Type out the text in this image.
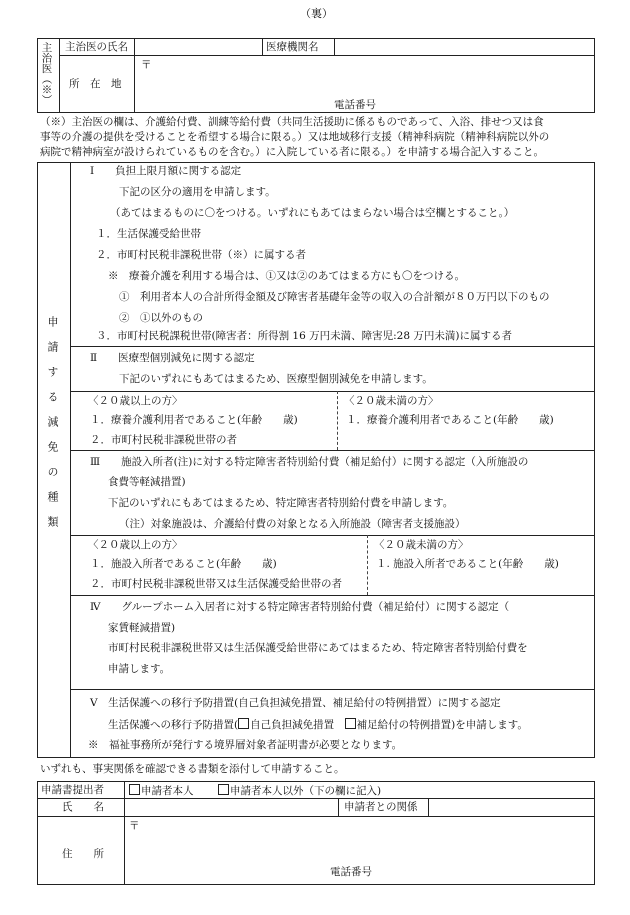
（裏）
主治医（※） 主治医の氏名	医療機関名
所　在　地
〒
電話番号
（※）主治医の欄は、介護給付費、訓練等給付費（共同生活援助に係るものであって、入浴、排せつ又は食
事等の介護の提供を受けることを希望する場合に限る。）又は地域移行支援（精神科病院（精神科病院以外の
病院で精神病室が設けられているものを含む。）に入院している者に限る。）を申請する場合記入すること。
申請する減免の種類
Ⅰ　　負担上限月額に関する認定
下記の区分の適用を申請します。
（あてはまるものに〇をつける。いずれにもあてはまらない場合は空欄とすること。）
１．生活保護受給世帯
２．市町村民税非課税世帯（※）に属する者
※　療養介護を利用する場合は、①又は②のあてはまる方にも〇をつける。
①　利用者本人の合計所得金額及び障害者基礎年金等の収入の合計額が８０万円以下のもの
②　①以外のもの
３．市町村民税課税世帯(障害者：所得割 16 万円未満、障害児:28 万円未満)に属する者
Ⅱ　　医療型個別減免に関する認定
下記のいずれにもあてはまるため、医療型個別減免を申請します。
〈２０歳以上の方〉
１．療養介護利用者であること(年齢　　歳)
２．市町村民税非課税世帯の者
〈２０歳未満の方〉
１．療養介護利用者であること(年齢　　歳)
Ⅲ　　施設入所者(注)に対する特定障害者特別給付費（補足給付）に関する認定（入所施設の
食費等軽減措置)
下記のいずれにもあてはまるため、特定障害者特別給付費を申請します。
（注）対象施設は、介護給付費の対象となる入所施設（障害者支援施設）
〈２０歳以上の方〉
１．施設入所者であること(年齢　　歳)
２．市町村民税非課税世帯又は生活保護受給世帯の者
〈２０歳未満の方〉
１. 施設入所者であること(年齢　　歳)
Ⅳ　　グループホーム入居者に対する特定障害者特別給付費（補足給付）に関する認定（
家賃軽減措置)
市町村民税非課税世帯又は生活保護受給世帯にあてはまるため、特定障害者特別給付費を
申請します。
Ⅴ　生活保護への移行予防措置(自己負担減免措置、補足給付の特例措置）に関する認定
生活保護への移行予防措置( 自己負担減免措置　 補足給付の特例措置)を申請します。
※　福祉事務所が発行する境界層対象者証明書が必要となります。
いずれも、事実関係を確認できる書類を添付して申請すること。
申請書提出者	申請者本人	申請者本人以外（下の欄に記入)
氏　　名	申請者との関係
住　　所
〒
電話番号
